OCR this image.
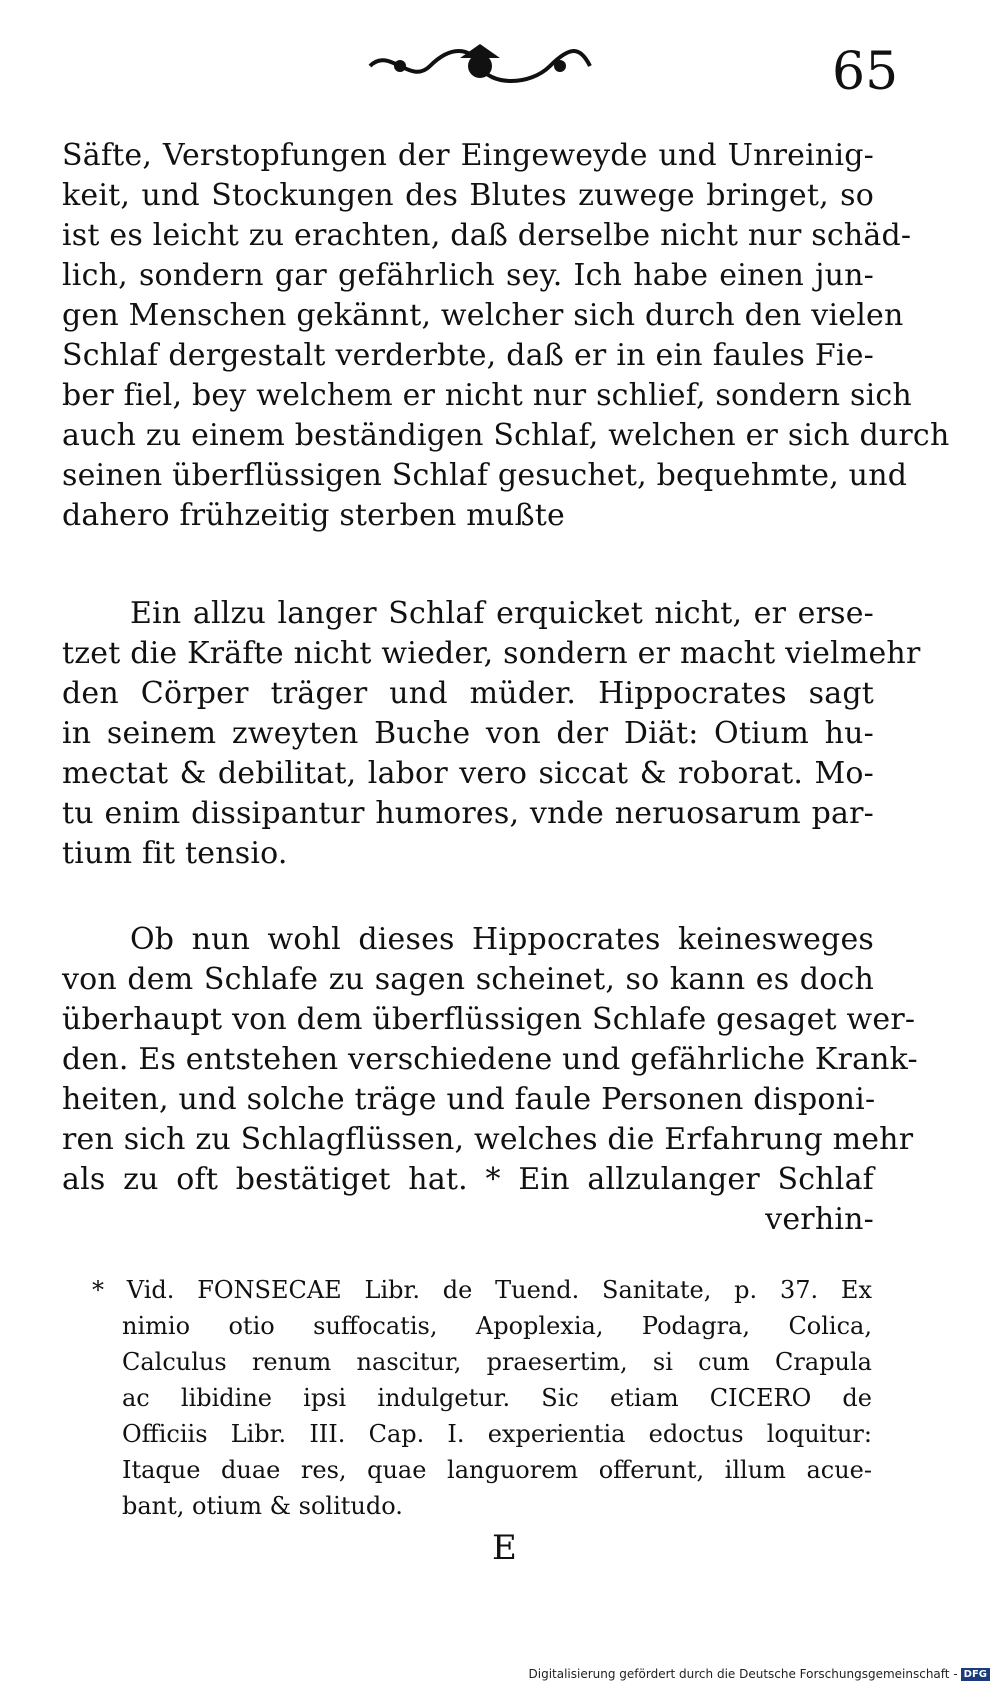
65
Säfte, Verstopfungen der Eingeweyde und Unreinig-
keit, und Stockungen des Blutes zuwege bringet, so
ist es leicht zu erachten, daß derselbe nicht nur schäd-
lich, sondern gar gefährlich sey. Ich habe einen jun-
gen Menschen gekännt, welcher sich durch den vielen
Schlaf dergestalt verderbte, daß er in ein faules Fie-
ber fiel, bey welchem er nicht nur schlief, sondern sich
auch zu einem beständigen Schlaf, welchen er sich durch
seinen überflüssigen Schlaf gesuchet, bequehmte, und
dahero frühzeitig sterben mußte
Ein allzu langer Schlaf erquicket nicht, er erse-
tzet die Kräfte nicht wieder, sondern er macht vielmehr
den Cörper träger und müder. Hippocrates sagt
in seinem zweyten Buche von der Diät: Otium hu-
mectat & debilitat, labor vero siccat & roborat. Mo-
tu enim dissipantur humores, vnde neruosarum par-
tium fit tensio.
Ob nun wohl dieses Hippocrates keinesweges
von dem Schlafe zu sagen scheinet, so kann es doch
überhaupt von dem überflüssigen Schlafe gesaget wer-
den. Es entstehen verschiedene und gefährliche Krank-
heiten, und solche träge und faule Personen disponi-
ren sich zu Schlagflüssen, welches die Erfahrung mehr
als zu oft bestätiget hat. * Ein allzulanger Schlaf
verhin-
* Vid. FONSECAE Libr. de Tuend. Sanitate, p. 37. Ex
nimio otio suffocatis, Apoplexia, Podagra, Colica,
Calculus renum nascitur, praesertim, si cum Crapula
ac libidine ipsi indulgetur. Sic etiam CICERO de
Officiis Libr. III. Cap. I. experientia edoctus loquitur:
Itaque duae res, quae languorem offerunt, illum acue-
bant, otium & solitudo.
E
Digitalisierung gefördert durch die Deutsche Forschungsgemeinschaft - DFG
